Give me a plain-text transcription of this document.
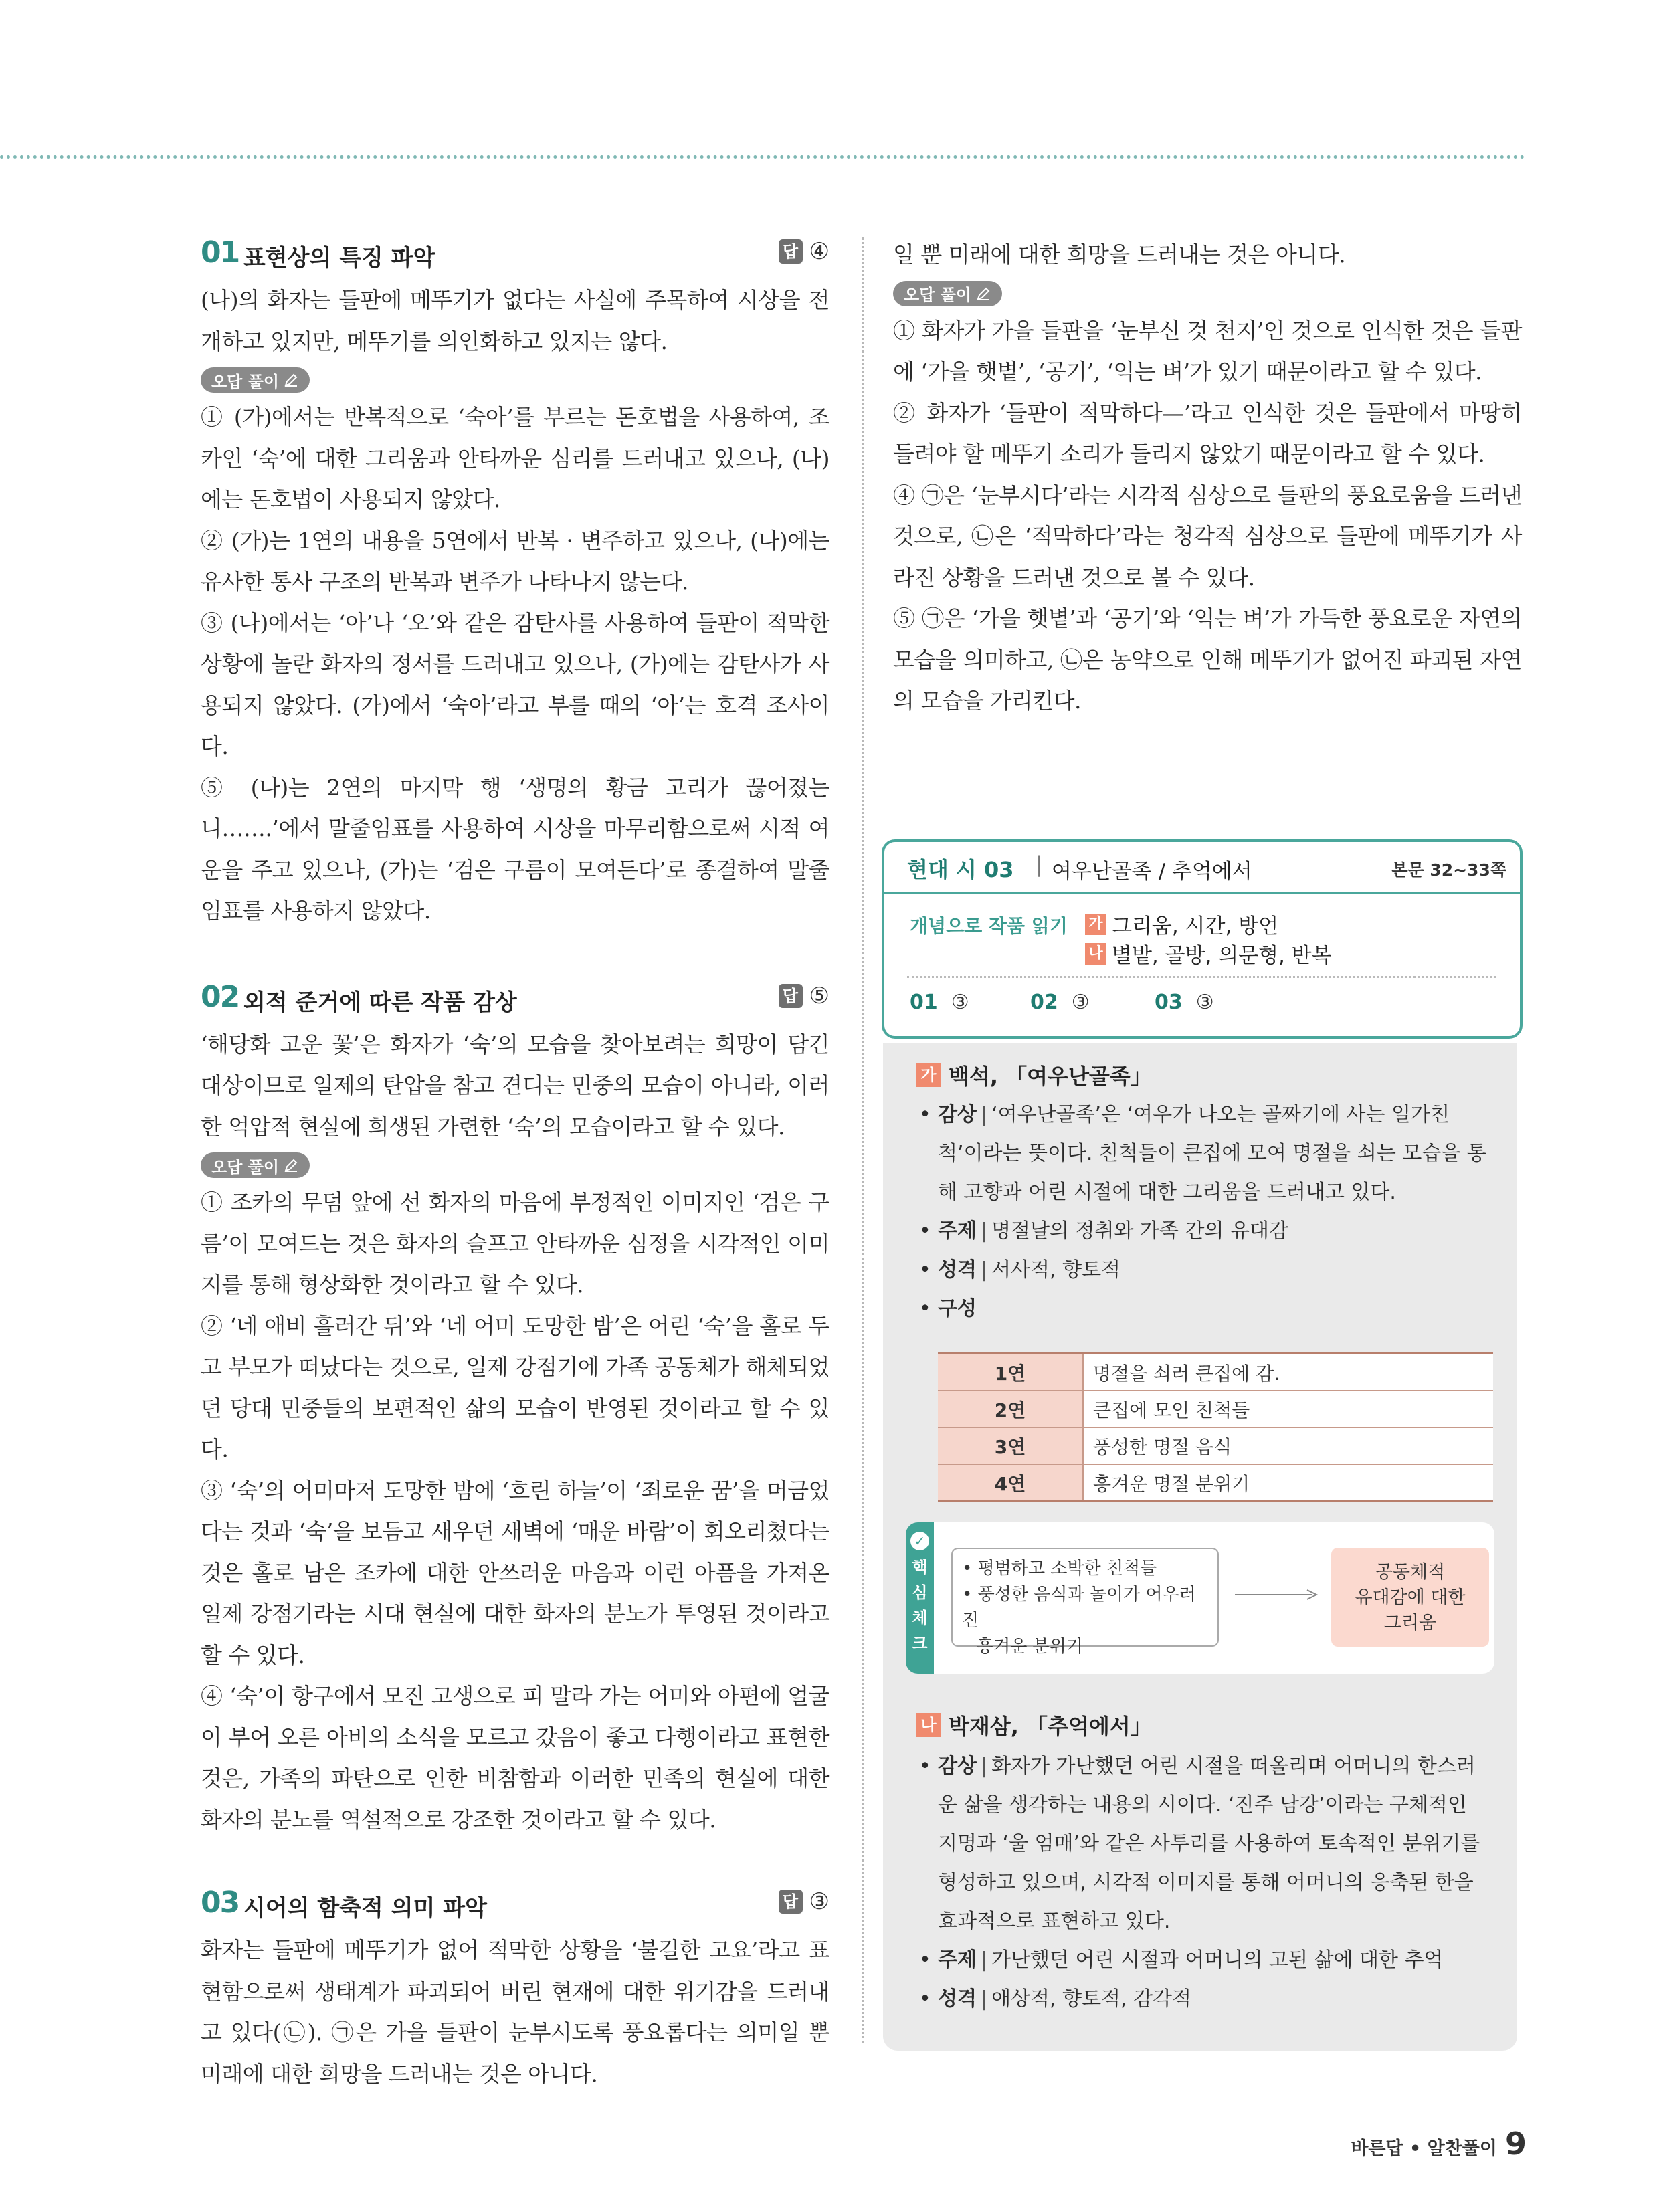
01 표현상의 특징 파악	답 ④

(나)의 화자는 들판에 메뚜기가 없다는 사실에 주목하여 시상을 전개하고 있지만, 메뚜기를 의인화하고 있지는 않다.

오답 풀이

① (가)에서는 반복적으로 ‘숙아’를 부르는 돈호법을 사용하여, 조카인 ‘숙’에 대한 그리움과 안타까운 심리를 드러내고 있으나, (나)에는 돈호법이 사용되지 않았다.

② (가)는 1연의 내용을 5연에서 반복 · 변주하고 있으나, (나)에는 유사한 통사 구조의 반복과 변주가 나타나지 않는다.

③ (나)에서는 ‘아’나 ‘오’와 같은 감탄사를 사용하여 들판이 적막한 상황에 놀란 화자의 정서를 드러내고 있으나, (가)에는 감탄사가 사용되지 않았다. (가)에서 ‘숙아’라고 부를 때의 ‘아’는 호격 조사이다.

⑤ (나)는 2연의 마지막 행 ‘생명의 황금 고리가 끊어졌는니…….’에서 말줄임표를 사용하여 시상을 마무리함으로써 시적 여운을 주고 있으나, (가)는 ‘검은 구름이 모여든다’로 종결하여 말줄임표를 사용하지 않았다.

02 외적 준거에 따른 작품 감상	답 ⑤

‘해당화 고운 꽃’은 화자가 ‘숙’의 모습을 찾아보려는 희망이 담긴 대상이므로 일제의 탄압을 참고 견디는 민중의 모습이 아니라, 이러한 억압적 현실에 희생된 가련한 ‘숙’의 모습이라고 할 수 있다.

오답 풀이

① 조카의 무덤 앞에 선 화자의 마음에 부정적인 이미지인 ‘검은 구름’이 모여드는 것은 화자의 슬프고 안타까운 심정을 시각적인 이미지를 통해 형상화한 것이라고 할 수 있다.

② ‘네 애비 흘러간 뒤’와 ‘네 어미 도망한 밤’은 어린 ‘숙’을 홀로 두고 부모가 떠났다는 것으로, 일제 강점기에 가족 공동체가 해체되었던 당대 민중들의 보편적인 삶의 모습이 반영된 것이라고 할 수 있다.

③ ‘숙’의 어미마저 도망한 밤에 ‘흐린 하늘’이 ‘죄로운 꿈’을 머금었다는 것과 ‘숙’을 보듬고 새우던 새벽에 ‘매운 바람’이 회오리쳤다는 것은 홀로 남은 조카에 대한 안쓰러운 마음과 이런 아픔을 가져온 일제 강점기라는 시대 현실에 대한 화자의 분노가 투영된 것이라고 할 수 있다.

④ ‘숙’이 항구에서 모진 고생으로 피 말라 가는 어미와 아편에 얼굴이 부어 오른 아비의 소식을 모르고 갔음이 좋고 다행이라고 표현한 것은, 가족의 파탄으로 인한 비참함과 이러한 민족의 현실에 대한 화자의 분노를 역설적으로 강조한 것이라고 할 수 있다.

03 시어의 함축적 의미 파악	답 ③

화자는 들판에 메뚜기가 없어 적막한 상황을 ‘불길한 고요’라고 표현함으로써 생태계가 파괴되어 버린 현재에 대한 위기감을 드러내고 있다(㉡). ㉠은 가을 들판이 눈부시도록 풍요롭다는 의미일 뿐 미래에 대한 희망을 드러내는 것은 아니다.

일 뿐 미래에 대한 희망을 드러내는 것은 아니다.

오답 풀이

① 화자가 가을 들판을 ‘눈부신 것 천지’인 것으로 인식한 것은 들판에 ‘가을 햇볕’, ‘공기’, ‘익는 벼’가 있기 때문이라고 할 수 있다.

② 화자가 ‘들판이 적막하다—’라고 인식한 것은 들판에서 마땅히 들려야 할 메뚜기 소리가 들리지 않았기 때문이라고 할 수 있다.

④ ㉠은 ‘눈부시다’라는 시각적 심상으로 들판의 풍요로움을 드러낸 것으로, ㉡은 ‘적막하다’라는 청각적 심상으로 들판에 메뚜기가 사라진 상황을 드러낸 것으로 볼 수 있다.

⑤ ㉠은 ‘가을 햇볕’과 ‘공기’와 ‘익는 벼’가 가득한 풍요로운 자연의 모습을 의미하고, ㉡은 농약으로 인해 메뚜기가 없어진 파괴된 자연의 모습을 가리킨다.

현대 시 03 | 여우난골족 / 추억에서	본문 32~33쪽
개념으로 작품 읽기	가 그리움, 시간, 방언
나 별밭, 골방, 의문형, 반복
01 ③	02 ③	03 ③
가 백석, 「여우난골족」
• 감상 | ‘여우난골족’은 ‘여우가 나오는 골짜기에 사는 일가친척’이라는 뜻이다. 친척들이 큰집에 모여 명절을 쇠는 모습을 통해 고향과 어린 시절에 대한 그리움을 드러내고 있다.
• 주제 | 명절날의 정취와 가족 간의 유대감
• 성격 | 서사적, 향토적
• 구성
1연	명절을 쇠러 큰집에 감.
2연	큰집에 모인 친척들
3연	풍성한 명절 음식
4연	흥겨운 명절 분위기
✓
핵
심
체
크
• 평범하고 소박한 친척들
• 풍성한 음식과 놀이가 어우러진
흥겨운 분위기
공동체적
유대감에 대한
그리움
나 박재삼, 「추억에서」
• 감상 | 화자가 가난했던 어린 시절을 떠올리며 어머니의 한스러운 삶을 생각하는 내용의 시이다. ‘진주 남강’이라는 구체적인 지명과 ‘울 엄매’와 같은 사투리를 사용하여 토속적인 분위기를 형성하고 있으며, 시각적 이미지를 통해 어머니의 응축된 한을 효과적으로 표현하고 있다.
• 주제 | 가난했던 어린 시절과 어머니의 고된 삶에 대한 추억
• 성격 | 애상적, 향토적, 감각적
바른답 • 알찬풀이 9
